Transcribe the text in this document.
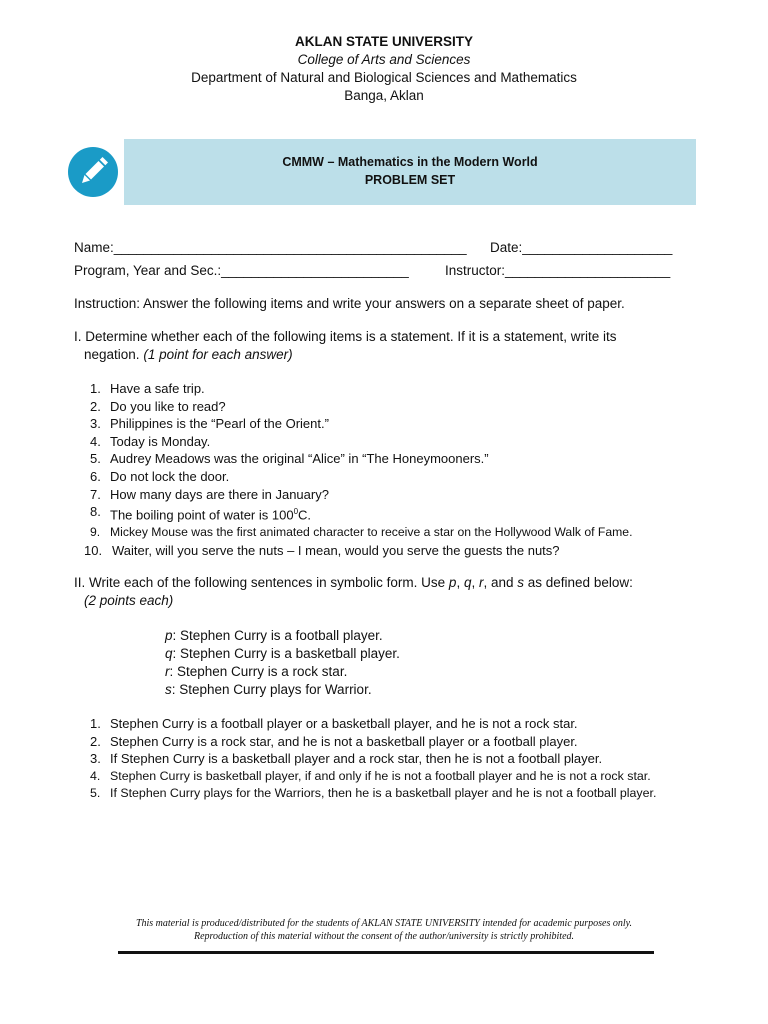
AKLAN STATE UNIVERSITY
College of Arts and Sciences
Department of Natural and Biological Sciences and Mathematics
Banga, Aklan
CMMW – Mathematics in the Modern World
PROBLEM SET
Name:_______________________________________________ Date:____________________
Program, Year and Sec.:_________________________	Instructor:______________________
Instruction: Answer the following items and write your answers on a separate sheet of paper.
I. Determine whether each of the following items is a statement. If it is a statement, write its
negation. (1 point for each answer)
1. Have a safe trip.
2. Do you like to read?
3. Philippines is the “Pearl of the Orient.”
4. Today is Monday.
5. Audrey Meadows was the original “Alice” in “The Honeymooners.”
6. Do not lock the door.
7. How many days are there in January?
8. The boiling point of water is $100^0C$.
9. Mickey Mouse was the first animated character to receive a star on the Hollywood Walk of Fame.
10. Waiter, will you serve the nuts – I mean, would you serve the guests the nuts?
II. Write each of the following sentences in symbolic form. Use p, q, r, and s as defined below:
(2 points each)
p: Stephen Curry is a football player.
q: Stephen Curry is a basketball player.
r: Stephen Curry is a rock star.
s: Stephen Curry plays for Warrior.
1. Stephen Curry is a football player or a basketball player, and he is not a rock star.
2. Stephen Curry is a rock star, and he is not a basketball player or a football player.
3. If Stephen Curry is a basketball player and a rock star, then he is not a football player.
4. Stephen Curry is basketball player, if and only if he is not a football player and he is not a rock star.
5. If Stephen Curry plays for the Warriors, then he is a basketball player and he is not a football player.
This material is produced/distributed for the students of AKLAN STATE UNIVERSITY intended for academic purposes only.
Reproduction of this material without the consent of the author/university is strictly prohibited.
